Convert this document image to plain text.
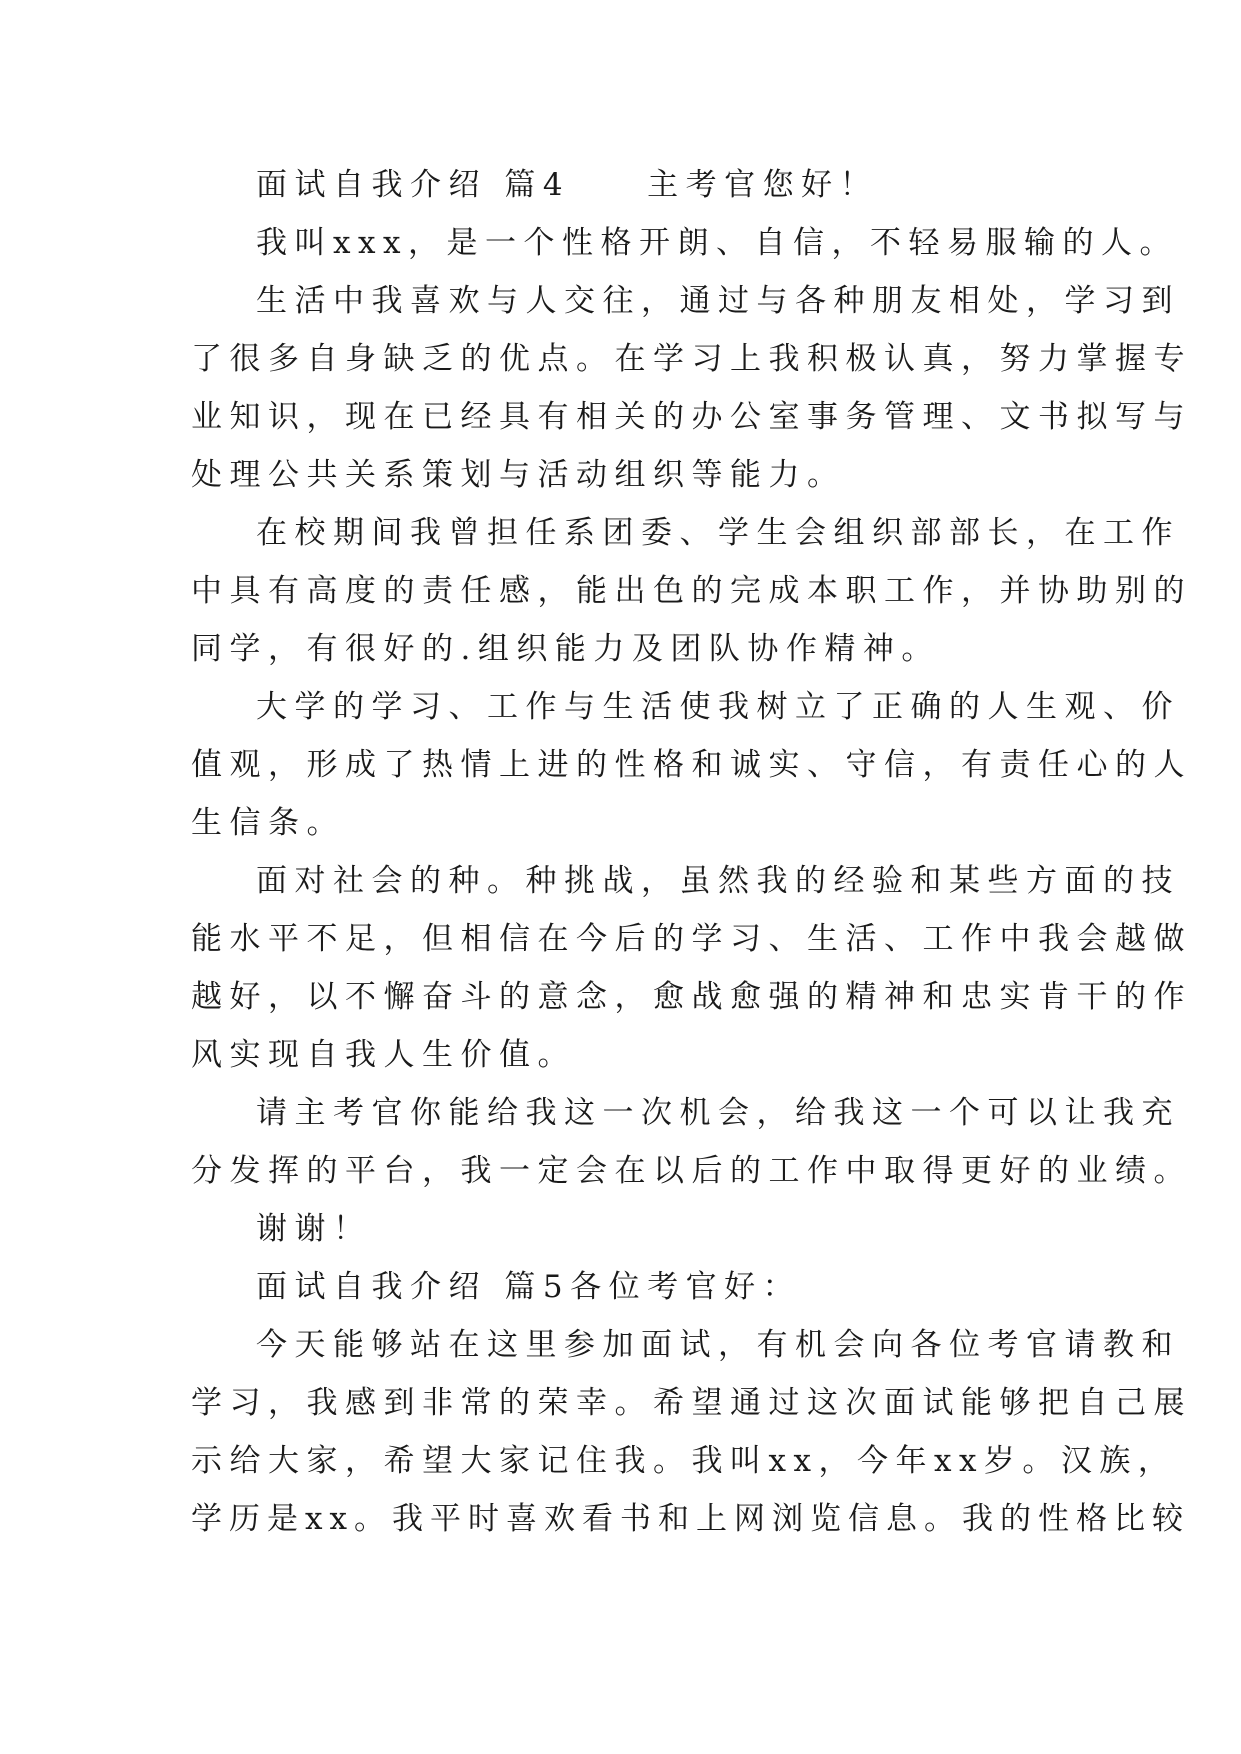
面试自我介绍 篇4　　主考官您好！
我叫xxx，是一个性格开朗、自信，不轻易服输的人。
生活中我喜欢与人交往，通过与各种朋友相处，学习到
了很多自身缺乏的优点。在学习上我积极认真，努力掌握专
业知识，现在已经具有相关的办公室事务管理、文书拟写与
处理公共关系策划与活动组织等能力。
在校期间我曾担任系团委、学生会组织部部长，在工作
中具有高度的责任感，能出色的完成本职工作，并协助别的
同学，有很好的.组织能力及团队协作精神。
大学的学习、工作与生活使我树立了正确的人生观、价
值观，形成了热情上进的性格和诚实、守信，有责任心的人
生信条。
面对社会的种。种挑战，虽然我的经验和某些方面的技
能水平不足，但相信在今后的学习、生活、工作中我会越做
越好，以不懈奋斗的意念，愈战愈强的精神和忠实肯干的作
风实现自我人生价值。
请主考官你能给我这一次机会，给我这一个可以让我充
分发挥的平台，我一定会在以后的工作中取得更好的业绩。
谢谢！
面试自我介绍 篇5各位考官好：
今天能够站在这里参加面试，有机会向各位考官请教和
学习，我感到非常的荣幸。希望通过这次面试能够把自己展
示给大家，希望大家记住我。我叫xx，今年xx岁。汉族，
学历是xx。我平时喜欢看书和上网浏览信息。我的性格比较
